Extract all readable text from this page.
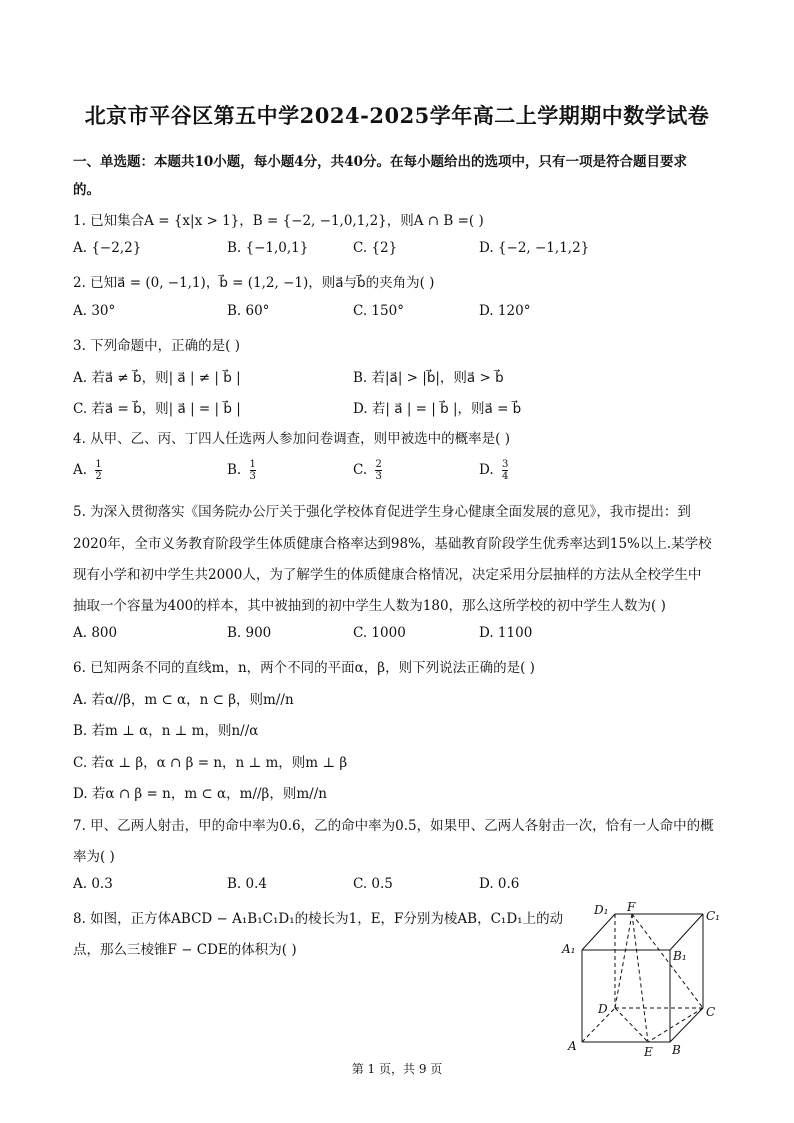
北京市平谷区第五中学2024-2025学年高二上学期期中数学试卷
一、单选题：本题共10小题，每小题4分，共40分。在每小题给出的选项中，只有一项是符合题目要求
的。
1. 已知集合A = {x|x > 1}，B = {−2, −1,0,1,2}，则A ∩ B =( )
A. {−2,2}	B. {−1,0,1}	C. {2}	D. {−2, −1,1,2}
2. 已知a⃗ = (0, −1,1)，b⃗ = (1,2, −1)，则a⃗与b⃗的夹角为( )
A. 30°	B. 60°	C. 150°	D. 120°
3. 下列命题中，正确的是( )
A. 若a⃗ ≠ b⃗，则| a⃗ | ≠ | b⃗ |	B. 若|a⃗| > |b⃗|，则a⃗ > b⃗
C. 若a⃗ = b⃗，则| a⃗ | = | b⃗ |	D. 若| a⃗ | = | b⃗ |，则a⃗ = b⃗
4. 从甲、乙、丙、丁四人任选两人参加问卷调查，则甲被选中的概率是( )
A. $\frac{1}{2}$	B. $\frac{1}{3}$	C. $\frac{2}{3}$	D. $\frac{3}{4}$
5. 为深入贯彻落实《国务院办公厅关于强化学校体育促进学生身心健康全面发展的意见》，我市提出：到
2020年，全市义务教育阶段学生体质健康合格率达到98%，基础教育阶段学生优秀率达到15%以上.某学校
现有小学和初中学生共2000人，为了解学生的体质健康合格情况，决定采用分层抽样的方法从全校学生中
抽取一个容量为400的样本，其中被抽到的初中学生人数为180，那么这所学校的初中学生人数为( )
A. 800	B. 900	C. 1000	D. 1100
6. 已知两条不同的直线m，n，两个不同的平面α，β，则下列说法正确的是( )
A. 若α//β，m ⊂ α，n ⊂ β，则m//n
B. 若m ⊥ α，n ⊥ m，则n//α
C. 若α ⊥ β，α ∩ β = n，n ⊥ m，则m ⊥ β
D. 若α ∩ β = n，m ⊂ α，m//β，则m//n
7. 甲、乙两人射击，甲的命中率为0.6，乙的命中率为0.5，如果甲、乙两人各射击一次，恰有一人命中的概
率为( )
A. 0.3	B. 0.4	C. 0.5	D. 0.6
8. 如图，正方体ABCD − A₁B₁C₁D₁的棱长为1，E，F分别为棱AB，C₁D₁上的动
点，那么三棱锥F − CDE的体积为( )
D₁ F
C₁
A₁	B₁
D	C
A	E B
第 1 页，共 9 页
